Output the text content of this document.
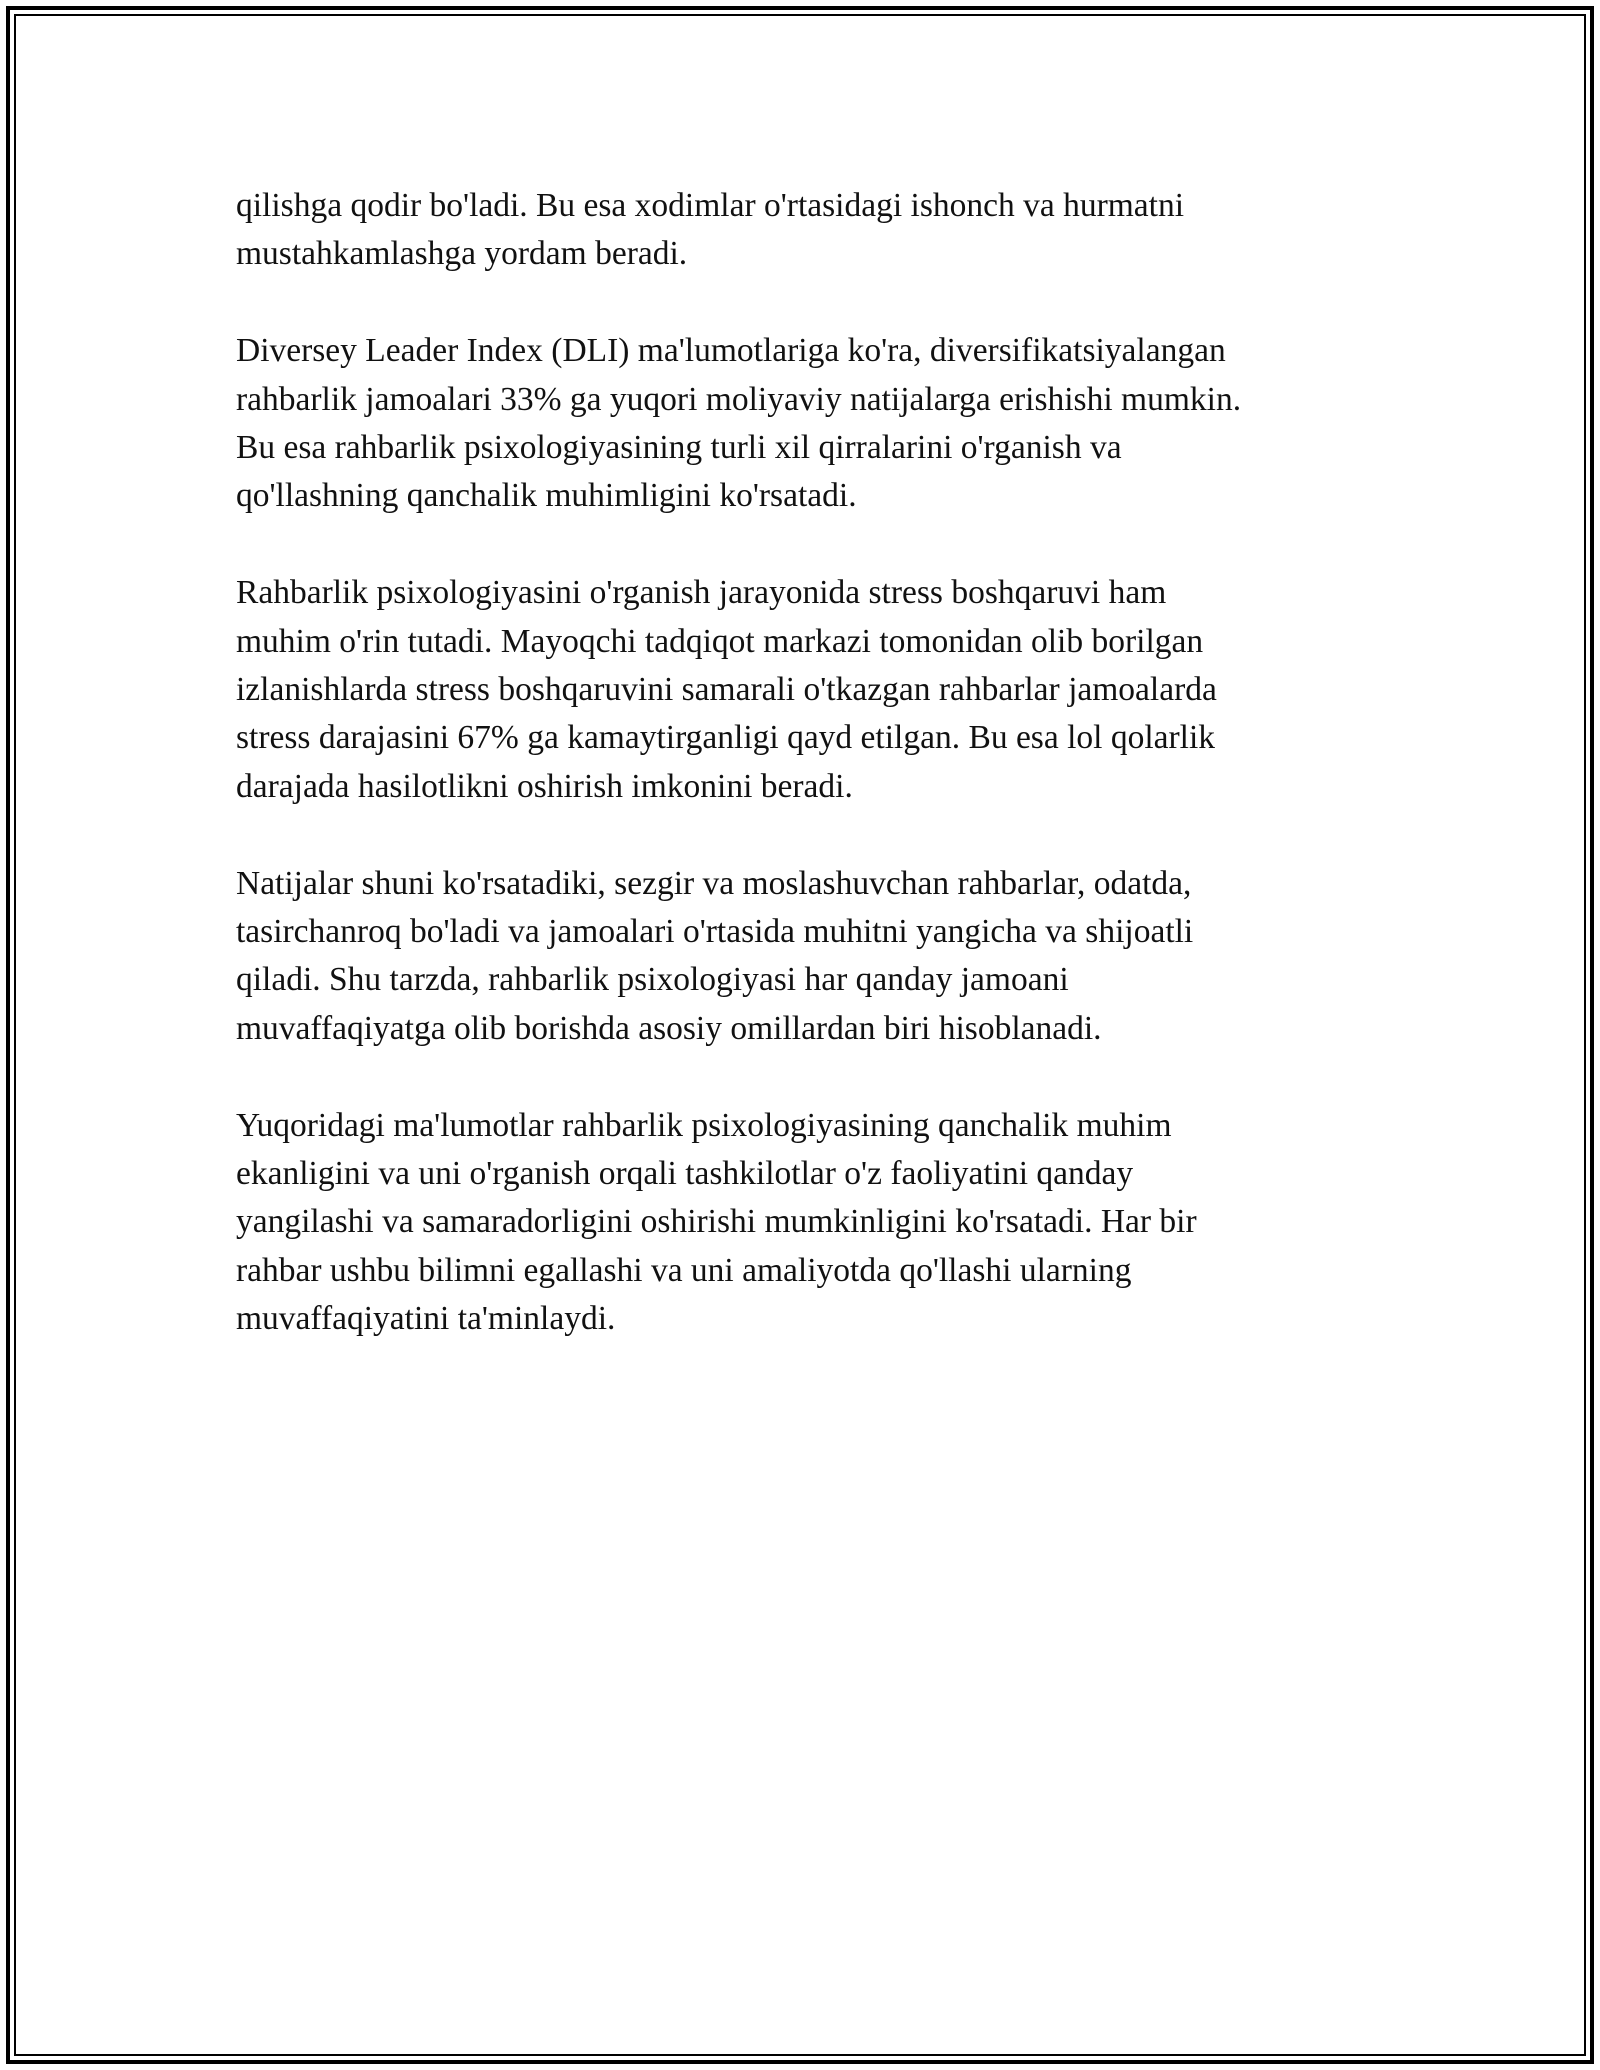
qilishga qodir bo'ladi. Bu esa xodimlar o'rtasidagi ishonch va hurmatni
mustahkamlashga yordam beradi.

Diversey Leader Index (DLI) ma'lumotlariga ko'ra, diversifikatsiyalangan
rahbarlik jamoalari 33% ga yuqori moliyaviy natijalarga erishishi mumkin.
Bu esa rahbarlik psixologiyasining turli xil qirralarini o'rganish va
qo'llashning qanchalik muhimligini ko'rsatadi.

Rahbarlik psixologiyasini o'rganish jarayonida stress boshqaruvi ham
muhim o'rin tutadi. Mayoqchi tadqiqot markazi tomonidan olib borilgan
izlanishlarda stress boshqaruvini samarali o'tkazgan rahbarlar jamoalarda
stress darajasini 67% ga kamaytirganligi qayd etilgan. Bu esa lol qolarlik
darajada hasilotlikni oshirish imkonini beradi.

Natijalar shuni ko'rsatadiki, sezgir va moslashuvchan rahbarlar, odatda,
tasirchanroq bo'ladi va jamoalari o'rtasida muhitni yangicha va shijoatli
qiladi. Shu tarzda, rahbarlik psixologiyasi har qanday jamoani
muvaffaqiyatga olib borishda asosiy omillardan biri hisoblanadi.

Yuqoridagi ma'lumotlar rahbarlik psixologiyasining qanchalik muhim
ekanligini va uni o'rganish orqali tashkilotlar o'z faoliyatini qanday
yangilashi va samaradorligini oshirishi mumkinligini ko'rsatadi. Har bir
rahbar ushbu bilimni egallashi va uni amaliyotda qo'llashi ularning
muvaffaqiyatini ta'minlaydi.
